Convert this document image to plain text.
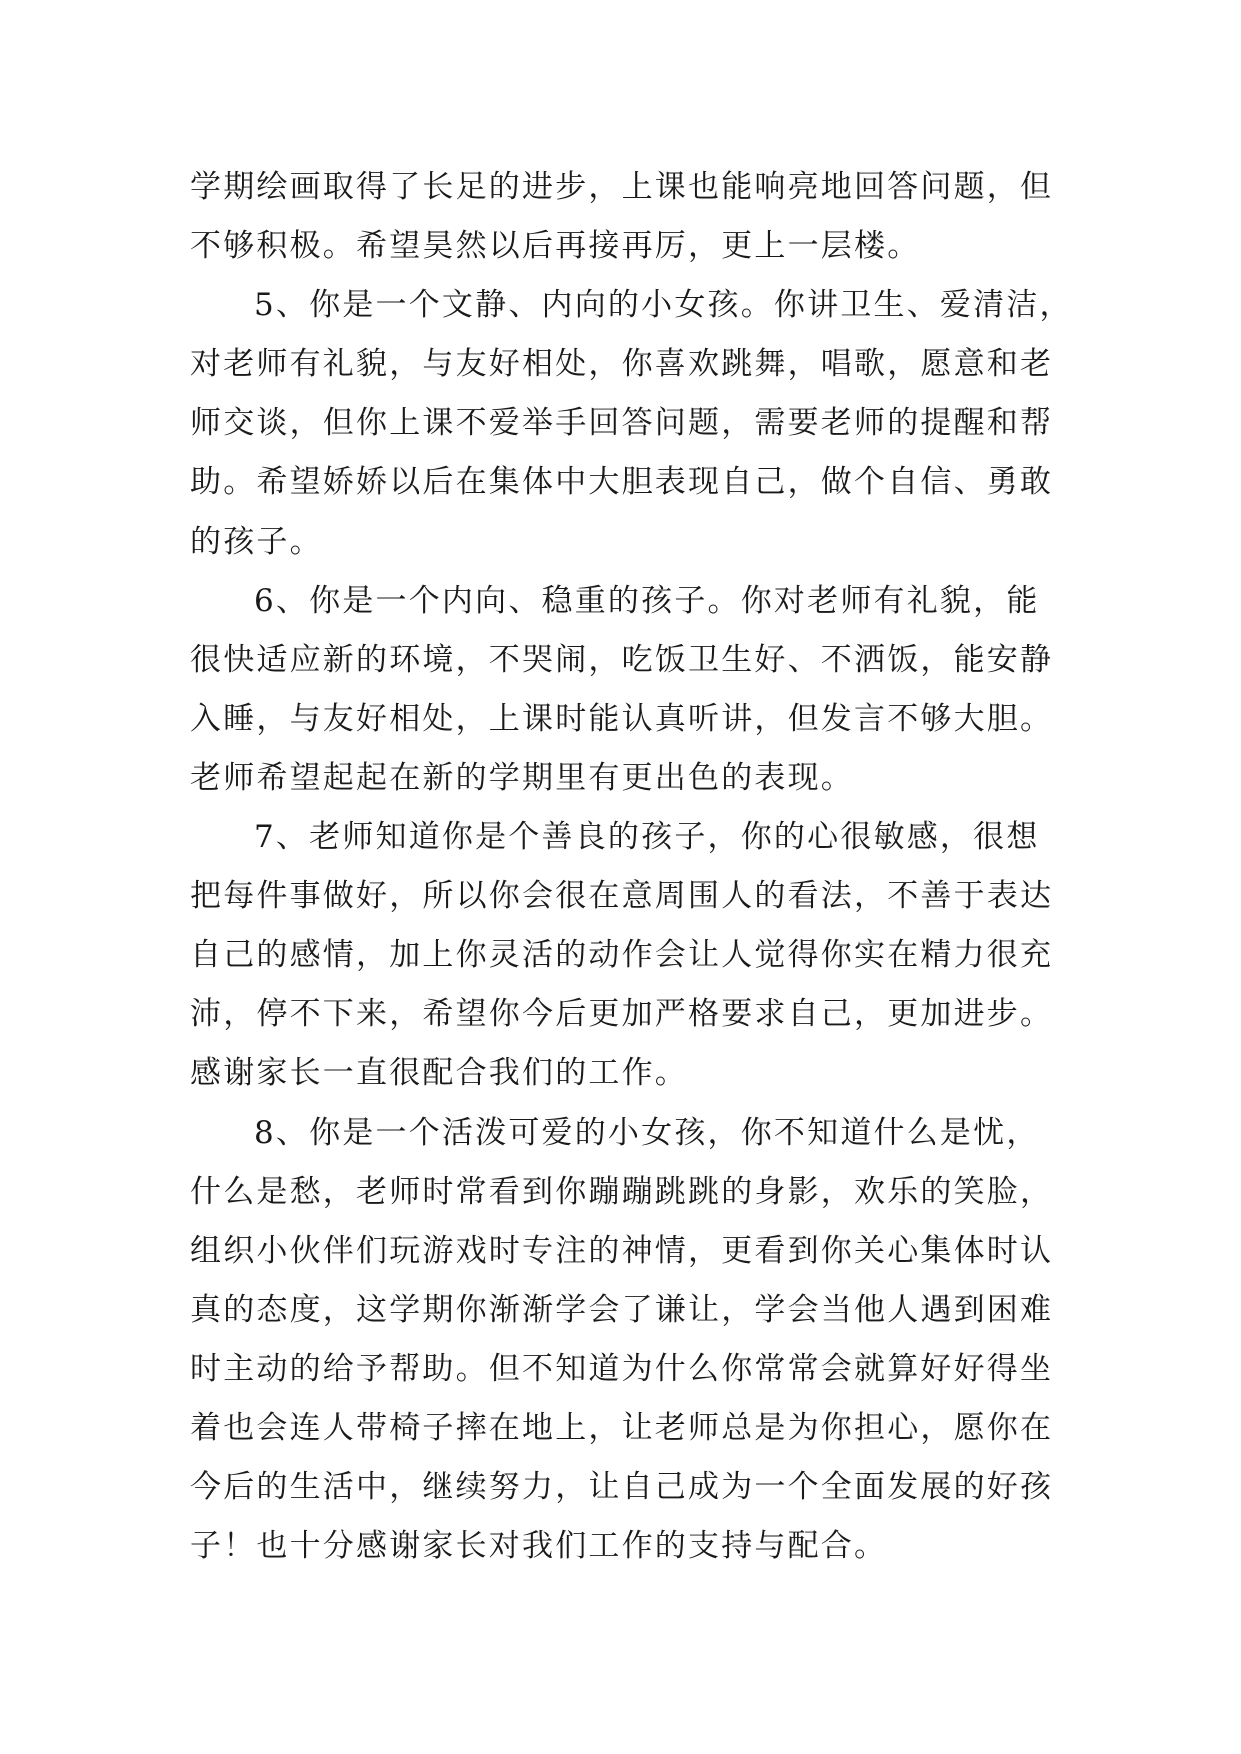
学期绘画取得了长足的进步，上课也能响亮地回答问题，但
不够积极。希望昊然以后再接再厉，更上一层楼。
5、你是一个文静、内向的小女孩。你讲卫生、爱清洁，
对老师有礼貌，与友好相处，你喜欢跳舞，唱歌，愿意和老
师交谈，但你上课不爱举手回答问题，需要老师的提醒和帮
助。希望娇娇以后在集体中大胆表现自己，做个自信、勇敢
的孩子。
6、你是一个内向、稳重的孩子。你对老师有礼貌，能
很快适应新的环境，不哭闹，吃饭卫生好、不洒饭，能安静
入睡，与友好相处，上课时能认真听讲，但发言不够大胆。
老师希望起起在新的学期里有更出色的表现。
7、老师知道你是个善良的孩子，你的心很敏感，很想
把每件事做好，所以你会很在意周围人的看法，不善于表达
自己的感情，加上你灵活的动作会让人觉得你实在精力很充
沛，停不下来，希望你今后更加严格要求自己，更加进步。
感谢家长一直很配合我们的工作。
8、你是一个活泼可爱的小女孩，你不知道什么是忧，
什么是愁，老师时常看到你蹦蹦跳跳的身影，欢乐的笑脸，
组织小伙伴们玩游戏时专注的神情，更看到你关心集体时认
真的态度，这学期你渐渐学会了谦让，学会当他人遇到困难
时主动的给予帮助。但不知道为什么你常常会就算好好得坐
着也会连人带椅子摔在地上，让老师总是为你担心，愿你在
今后的生活中，继续努力，让自己成为一个全面发展的好孩
子！也十分感谢家长对我们工作的支持与配合。
